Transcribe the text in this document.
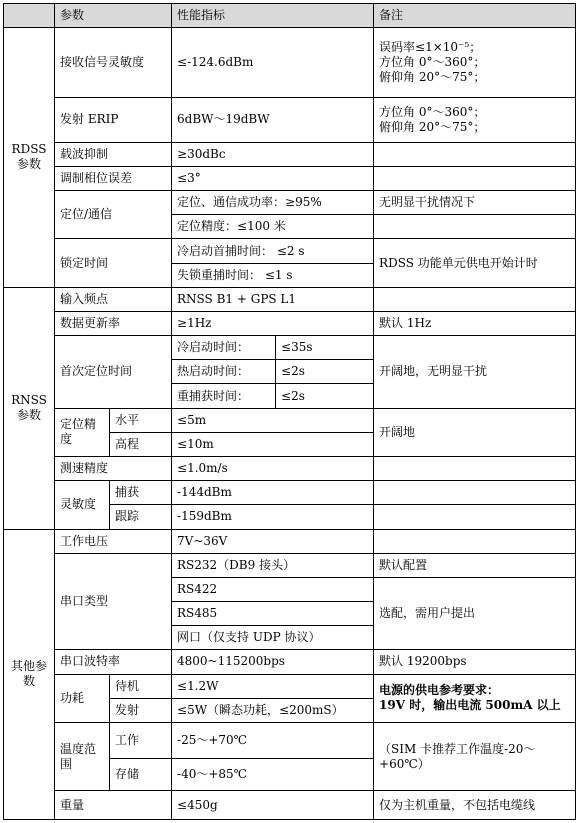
	参数		性能指标		备注
RDSS参数	接收信号灵敏度		≤-124.6dBm		误码率≤1×10⁻⁵；
方位角 0°～360°；
俯仰角 20°～75°；

	发射 ERIP		6dBW～19dBW		方位角 0°～360°；
俯仰角 20°～75°；

	载波抑制		≥30dBc		
	调制相位误差		≤3°		
	定位/通信		定位、通信成功率：≥95%		无明显干扰情况下
			定位精度：≤100 米		
	锁定时间		冷启动首捕时间： ≤2 s		RDSS 功能单元供电开始计时
			失锁重捕时间： ≤1 s		
RNSS参数	输入频点		RNSS B1 + GPS L1		
	数据更新率		≥1Hz		默认 1Hz
	首次定位时间		冷启动时间：	≤35s	开阔地，无明显干扰
			热启动时间：	≤2s	
			重捕获时间：	≤2s	
	定位精度	水平	≤5m		开阔地
		高程	≤10m		
	测速精度		≤1.0m/s		
	灵敏度	捕获	-144dBm		
		跟踪	-159dBm		
其他参数	工作电压		7V~36V		
	串口类型		RS232（DB9 接头）		默认配置
			RS422		选配，需用户提出
			RS485		
			网口（仅支持 UDP 协议）		
	串口波特率		4800~115200bps		默认 19200bps
	功耗	待机	≤1.2W		电源的供电参考要求：
19V 时，输出电流 500mA 以上

		发射	≤5W（瞬态功耗，≤200mS）		
	温度范围	工作	-25～+70℃		（SIM 卡推荐工作温度-20～+60℃）
		存储	-40～+85℃		
	重量		≤450g		仅为主机重量，不包括电缆线
